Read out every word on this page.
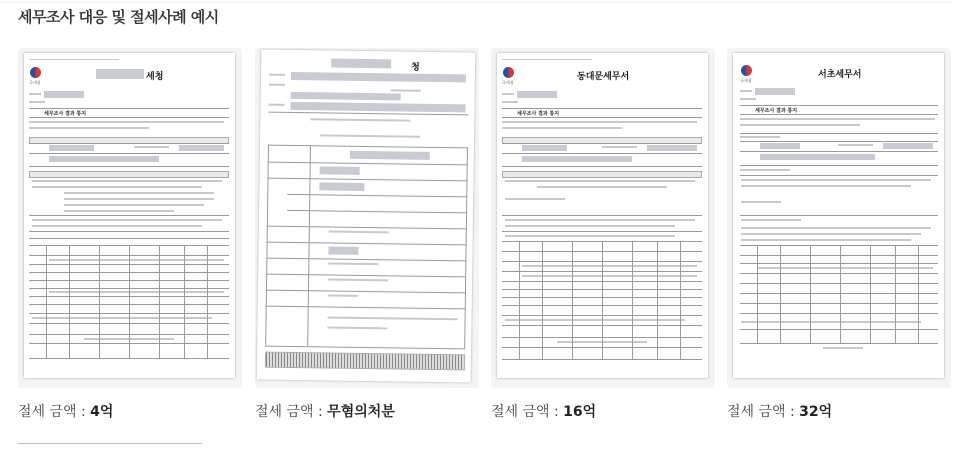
세무조사 대응 및 절세사례 예시
국세청
세청
세무조사 결과 통지
청
국세청
동대문세무서
세무조사 결과 통지
국세청
서초세무서
세무조사 결과 통지
절세 금액 : 4억	절세 금액 : 무혐의처분	절세 금액 : 16억	절세 금액 : 32억
